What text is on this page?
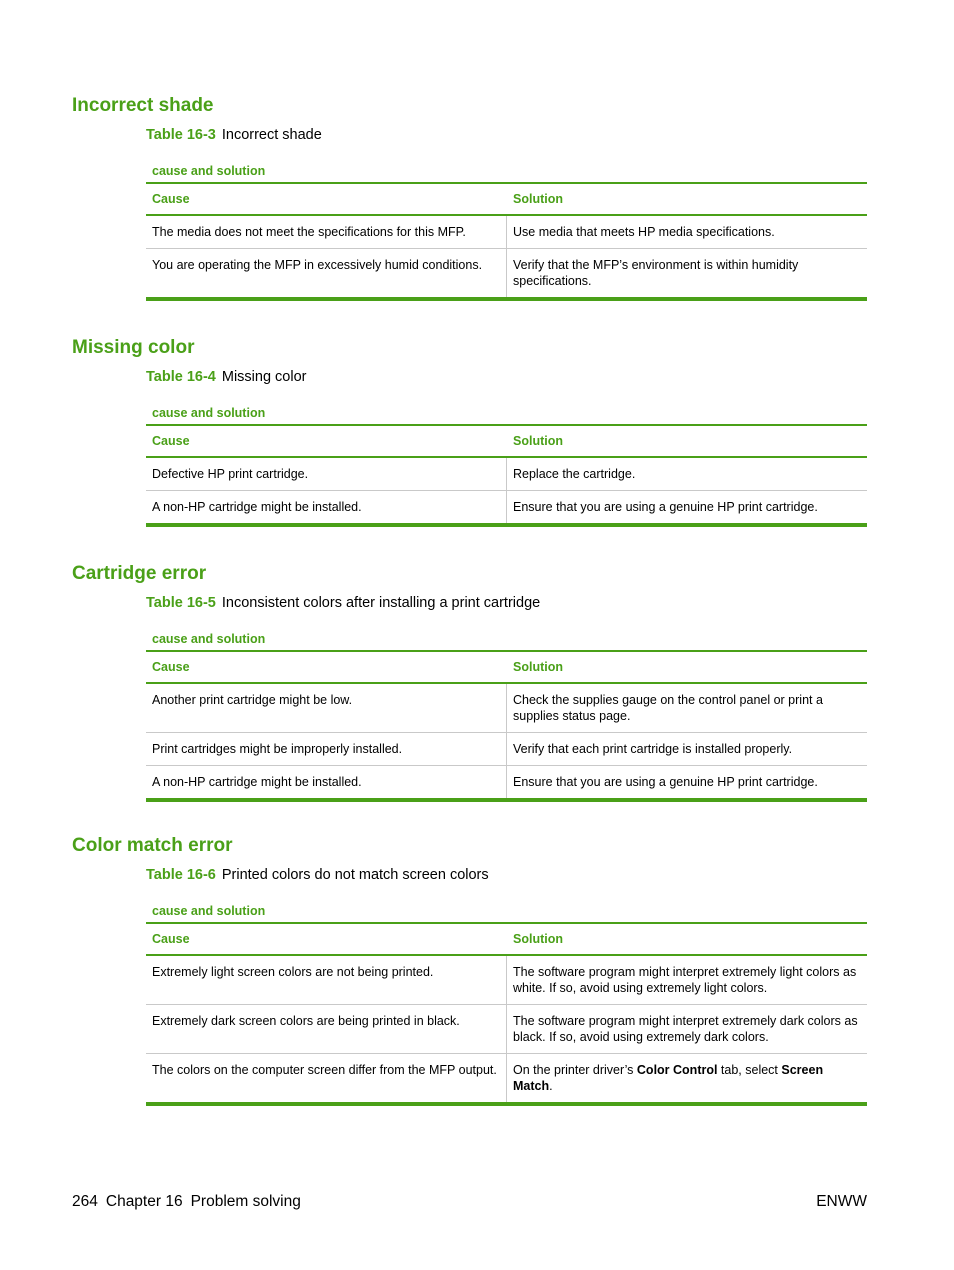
Incorrect shade
Table 16-3 Incorrect shade
cause and solution
Cause	Solution
The media does not meet the specifications for this MFP.	Use media that meets HP media specifications.
You are operating the MFP in excessively humid conditions.	Verify that the MFP’s environment is within humidity specifications.
Missing color
Table 16-4 Missing color
cause and solution
Cause	Solution
Defective HP print cartridge.	Replace the cartridge.
A non-HP cartridge might be installed.	Ensure that you are using a genuine HP print cartridge.
Cartridge error
Table 16-5 Inconsistent colors after installing a print cartridge
cause and solution
Cause	Solution
Another print cartridge might be low.	Check the supplies gauge on the control panel or print a supplies status page.
Print cartridges might be improperly installed.	Verify that each print cartridge is installed properly.
A non-HP cartridge might be installed.	Ensure that you are using a genuine HP print cartridge.
Color match error
Table 16-6 Printed colors do not match screen colors
cause and solution
Cause	Solution
Extremely light screen colors are not being printed.	The software program might interpret extremely light colors as white. If so, avoid using extremely light colors.
Extremely dark screen colors are being printed in black.	The software program might interpret extremely dark colors as black. If so, avoid using extremely dark colors.
The colors on the computer screen differ from the MFP output.	On the printer driver’s Color Control tab, select Screen Match.
264 Chapter 16 Problem solving	ENWW
